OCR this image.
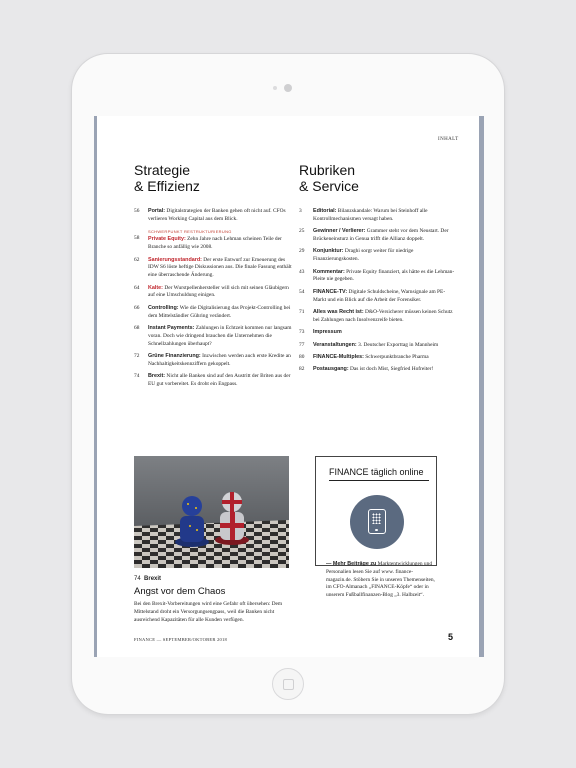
INHALT
Strategie
& Effizienz
Rubriken
& Service
56 Portal: Digitalstrategien der Banken gehen oft nicht auf. CFOs verlieren Working Capital aus dem Blick.
SCHWERPUNKT RESTRUKTURIERUNG
58 Private Equity: Zehn Jahre nach Lehman scheinen Teile der Branche so anfällig wie 2008.
62 Sanierungsstandard: Der erste Entwurf zur Erneuerung des IDW S6 löste heftige Diskussionen aus. Die finale Fassung enthält eine überraschende Änderung.
64 Kalte: Der Wurstpellenhersteller will sich mit seinen Gläubigern auf eine Umschuldung einigen.
66 Controlling: Wie die Digitalisierung das Projekt-Controlling bei dem Mittelständler Gühring verändert.
68 Instant Payments: Zahlungen in Echtzeit kommen nur langsam voran. Doch wie dringend brauchen die Unternehmen die Schnellzahlungen überhaupt?
72 Grüne Finanzierung: Inzwischen werden auch erste Kredite an Nachhaltigkeitskennziffern gekoppelt.
74 Brexit: Nicht alle Banken sind auf den Austritt der Briten aus der EU gut vorbereitet. Es droht ein Engpass.
3 Editorial: Bilanzskandale: Warum bei Steinhoff alle Kontrollmechanismen versagt haben.
25 Gewinner / Verlierer: Grammer steht vor dem Neustart. Der Brückeneinsturz in Genua trifft die Allianz doppelt.
29 Konjunktur: Draghi sorgt weiter für niedrige Finanzierungskosten.
43 Kommentar: Private Equity finanziert, als hätte es die Lehman-Pleite nie gegeben.
54 FINANCE-TV: Digitale Schuldscheine, Warnsignale am PE-Markt und ein Blick auf die Arbeit der Forensiker.
71 Alles was Recht ist: D&O-Versicherer müssen keinen Schutz bei Zahlungen nach Insolvenzreife bieten.
73 Impressum
77 Veranstaltungen: 3. Deutscher Exporttag in Mannheim
80 FINANCE-Multiples: Schwerpunktbranche Pharma
82 Postausgang: Das ist doch Mist, Siegfried Hofreiter!
74 Brexit
Angst vor dem Chaos
Bei den Brexit-Vorbereitungen wird eine Gefahr oft übersehen: Dem Mittelstand droht ein Versorgungsengpass, weil die Banken nicht ausreichend Kapazitäten für alle Kunden verfügen.
FINANCE täglich online
— Mehr Beiträge zu Marktentwicklungen und Personalien lesen Sie auf www. finance-magazin.de. Stöbern Sie in unseren Themenseiten, im CFO-Almanach „FINANCE-Köpfe“ oder in unserem Fußballfinanzen-Blog „3. Halbzeit“.
FINANCE — SEPTEMBER/OKTOBER 2018	5
